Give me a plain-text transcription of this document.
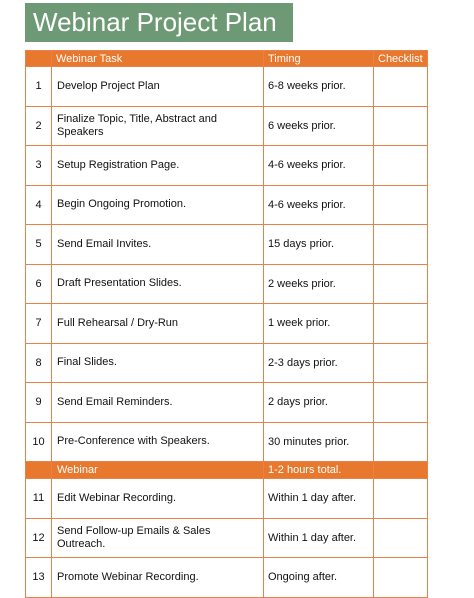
Webinar Project Plan
	Webinar Task	Timing	Checklist
1	Develop Project Plan	6-8 weeks prior.	
2	Finalize Topic, Title, Abstract and Speakers	6 weeks prior.	
3	Setup Registration Page.	4-6 weeks prior.	
4	Begin Ongoing Promotion.	4-6 weeks prior.	
5	Send Email Invites.	15 days prior.	
6	Draft Presentation Slides.	2 weeks prior.	
7	Full Rehearsal / Dry-Run	1 week prior.	
8	Final Slides.	2-3 days prior.	
9	Send Email Reminders.	2 days prior.	
10	Pre-Conference with Speakers.	30 minutes prior.	
	Webinar	1-2 hours total.	
11	Edit Webinar Recording.	Within 1 day after.	
12	Send Follow-up Emails & Sales Outreach.	Within 1 day after.	
13	Promote Webinar Recording.	Ongoing after.	
